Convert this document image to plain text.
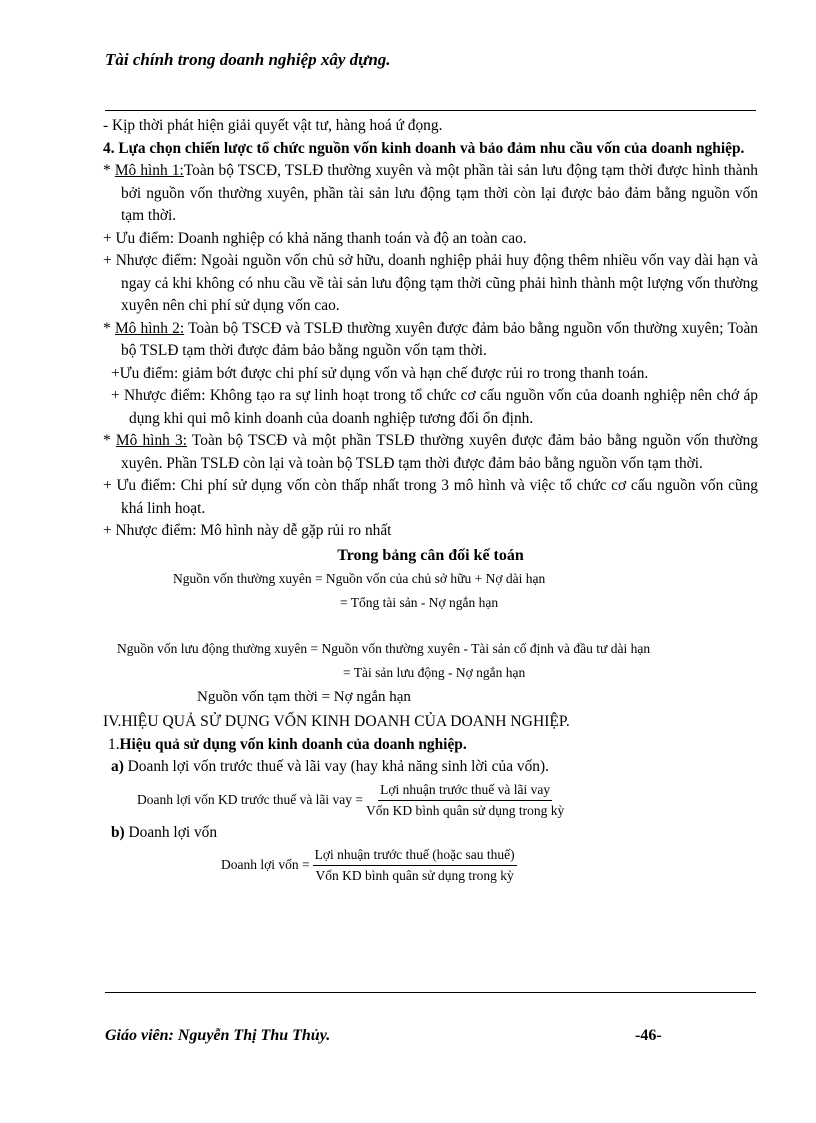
Tài chính trong doanh nghiệp xây dựng.

- Kịp thời phát hiện giải quyết vật tư, hàng hoá ứ đọng.

4. Lựa chọn chiến lược tổ chức nguồn vốn kinh doanh và bảo đảm nhu cầu vốn của doanh nghiệp.

* Mô hình 1:Toàn bộ TSCĐ, TSLĐ thường xuyên và một phần tài sản lưu động tạm thời được hình thành bởi nguồn vốn thường xuyên, phần tài sản lưu động tạm thời còn lại được bảo đảm bằng nguồn vốn tạm thời.

+ Ưu điểm: Doanh nghiệp có khả năng thanh toán và độ an toàn cao.

+ Nhược điểm: Ngoài nguồn vốn chủ sở hữu, doanh nghiệp phải huy động thêm nhiều vốn vay dài hạn và ngay cả khi không có nhu cầu về tài sản lưu động tạm thời cũng phải hình thành một lượng vốn thường xuyên nên chi phí sử dụng vốn cao.

* Mô hình 2: Toàn bộ TSCĐ và TSLĐ thường xuyên được đảm bảo bằng nguồn vốn thường xuyên; Toàn bộ TSLĐ tạm thời được đảm bảo bằng nguồn vốn tạm thời.

+Ưu điểm: giảm bớt được chi phí sử dụng vốn và hạn chế được rủi ro trong thanh toán.

+ Nhược điểm: Không tạo ra sự linh hoạt trong tổ chức cơ cấu nguồn vốn của doanh nghiệp nên chớ áp dụng khi qui mô kinh doanh của doanh nghiệp tương đối ổn định.

* Mô hình 3: Toàn bộ TSCĐ và một phần TSLĐ thường xuyên được đảm bảo bằng nguồn vốn thường xuyên. Phần TSLĐ còn lại và toàn bộ TSLĐ tạm thời được đảm bảo bằng nguồn vốn tạm thời.

+ Ưu điểm: Chi phí sử dụng vốn còn thấp nhất trong 3 mô hình và việc tổ chức cơ cấu nguồn vốn cũng khá linh hoạt.

+ Nhược điểm: Mô hình này dễ gặp rủi ro nhất

Trong bảng cân đối kế toán

Nguồn vốn thường xuyên = Nguồn vốn của chủ sở hữu + Nợ dài hạn

= Tổng tài sản - Nợ ngắn hạn

Nguồn vốn lưu động thường xuyên = Nguồn vốn thường xuyên - Tài sản cố định và đầu tư dài hạn

= Tài sản lưu động - Nợ ngắn hạn

Nguồn vốn tạm thời = Nợ ngắn hạn

IV.HIỆU QUẢ SỬ DỤNG VỐN KINH DOANH CỦA DOANH NGHIỆP.

1.Hiệu quả sử dụng vốn kinh doanh của doanh nghiệp.

a) Doanh lợi vốn trước thuế và lãi vay (hay khả năng sinh lời của vốn).

Doanh lợi vốn KD trước thuế và lãi vay = $\frac{\text{Lợi nhuận trước thuế và lãi vay}}{\text{Vốn KD bình quân sử dụng trong kỳ}}$

b) Doanh lợi vốn

Doanh lợi vốn = $\frac{\text{Lợi nhuận trước thuế (hoặc sau thuế)}}{\text{Vốn KD bình quân sử dụng trong kỳ}}$
Giáo viên: Nguyễn Thị Thu Thủy.	-46-
